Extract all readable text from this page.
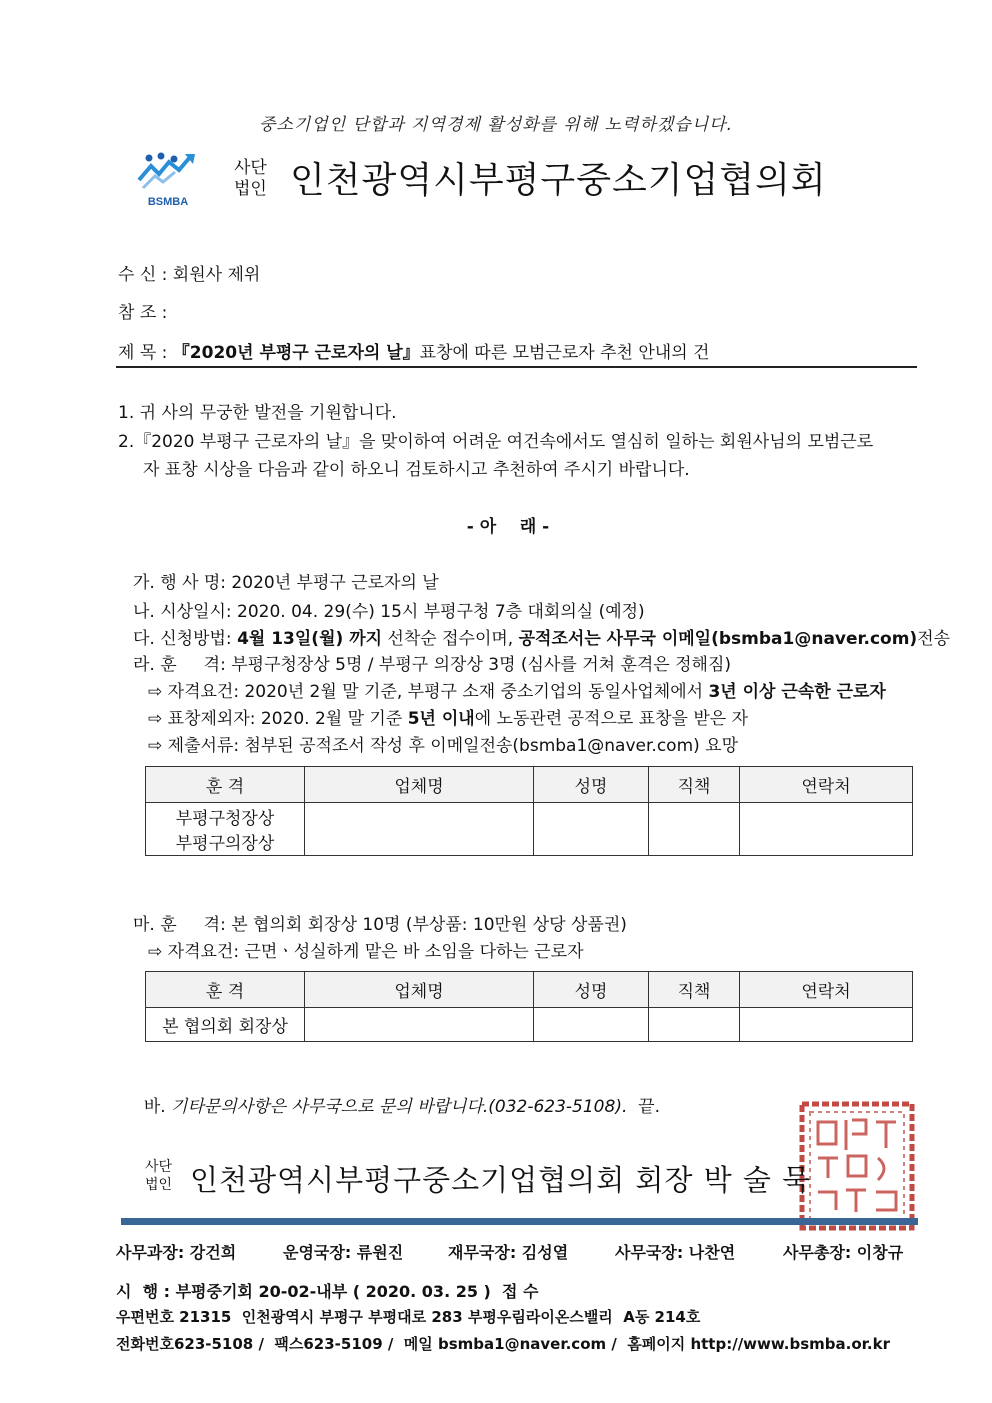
중소기업인 단합과 지역경제 활성화를 위해 노력하겠습니다.
BSMBA
사단
법인 인천광역시부평구중소기업협의회
수 신 : 회원사 제위
참 조 :
제 목 : 『2020년 부평구 근로자의 날』표창에 따른 모범근로자 추천 안내의 건
1. 귀 사의 무궁한 발전을 기원합니다.
2.『2020 부평구 근로자의 날』을 맞이하여 어려운 여건속에서도 열심히 일하는 회원사님의 모범근로
자 표창 시상을 다음과 같이 하오니 검토하시고 추천하여 주시기 바랍니다.
- 아    래 -
가. 행 사 명: 2020년 부평구 근로자의 날
나. 시상일시: 2020. 04. 29(수) 15시 부평구청 7층 대회의실 (예정)
다. 신청방법: 4월 13일(월) 까지 선착순 접수이며, 공적조서는 사무국 이메일(bsmba1@naver.com)전송
라. 훈     격: 부평구청장상 5명 / 부평구 의장상 3명 (심사를 거쳐 훈격은 정해짐)
⇨ 자격요건: 2020년 2월 말 기준, 부평구 소재 중소기업의 동일사업체에서 3년 이상 근속한 근로자
⇨ 표창제외자: 2020. 2월 말 기준 5년 이내에 노동관련 공적으로 표창을 받은 자
⇨ 제출서류: 첨부된 공적조서 작성 후 이메일전송(bsmba1@naver.com) 요망
훈 격	업체명	성명	직책	연락처

부평구청장상
부평구의장상				

마. 훈     격: 본 협의회 회장상 10명 (부상품: 10만원 상당 상품권)
⇨ 자격요건: 근면ㆍ성실하게 맡은 바 소임을 다하는 근로자
훈 격	업체명	성명	직책	연락처
본 협의회 회장상				

바. 기타문의사항은 사무국으로 문의 바랍니다.(032-623-5108).  끝.

사단
법인 인천광역시부평구중소기업협의회 회장 박 술 묵
사무과장: 강건희	운영국장: 류원진	재무국장: 김성열	사무국장: 나찬연	사무총장: 이창규
시  행 : 부평중기회 20-02-내부 ( 2020. 03. 25 )  접 수
우편번호 21315  인천광역시 부평구 부평대로 283 부평우림라이온스밸리  A동 214호
전화번호623-5108 /  팩스623-5109 /  메일 bsmba1@naver.com /  홈페이지 http://www.bsmba.or.kr
